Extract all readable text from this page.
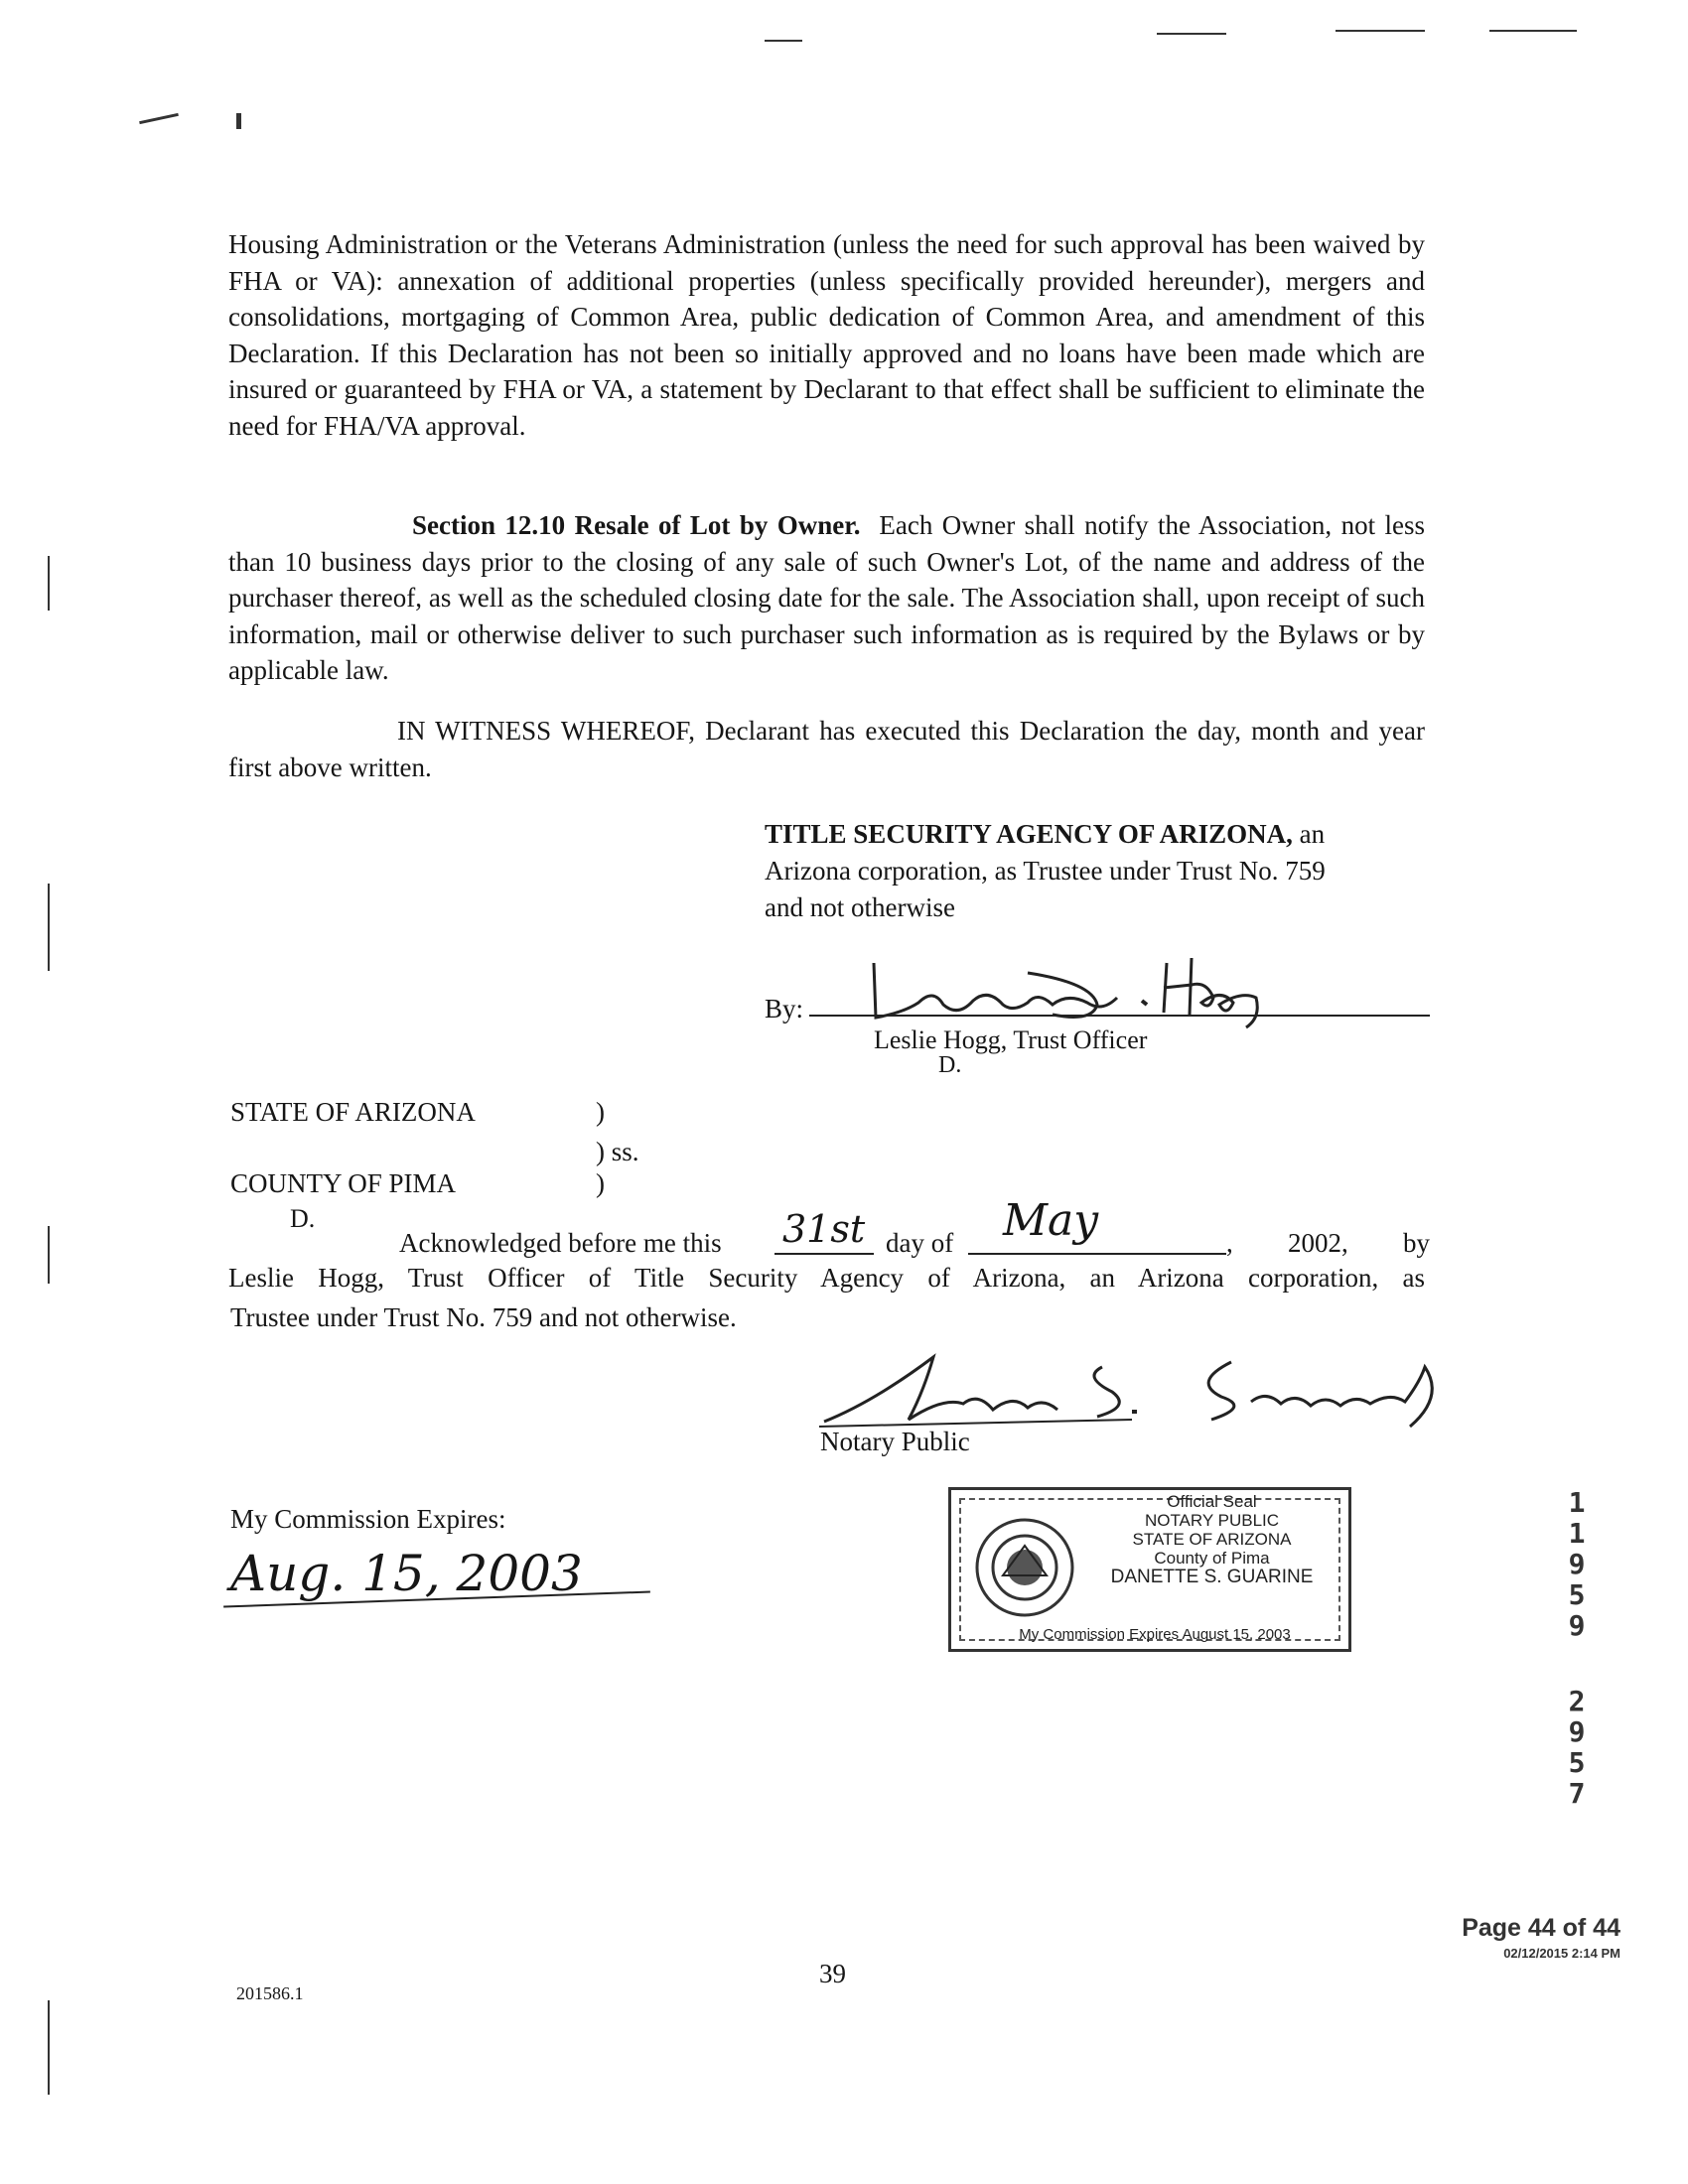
Housing Administration or the Veterans Administration (unless the need for such approval has been waived by FHA or VA): annexation of additional properties (unless specifically provided hereunder), mergers and consolidations, mortgaging of Common Area, public dedication of Common Area, and amendment of this Declaration. If this Declaration has not been so initially approved and no loans have been made which are insured or guaranteed by FHA or VA, a statement by Declarant to that effect shall be sufficient to eliminate the need for FHA/VA approval.
Section 12.10 Resale of Lot by Owner. Each Owner shall notify the Association, not less than 10 business days prior to the closing of any sale of such Owner's Lot, of the name and address of the purchaser thereof, as well as the scheduled closing date for the sale. The Association shall, upon receipt of such information, mail or otherwise deliver to such purchaser such information as is required by the Bylaws or by applicable law.
IN WITNESS WHEREOF, Declarant has executed this Declaration the day, month and year first above written.
TITLE SECURITY AGENCY OF ARIZONA, an
Arizona corporation, as Trustee under Trust No. 759
and not otherwise
By:
Leslie Hogg, Trust Officer
D.
STATE OF ARIZONA	)
) ss.
COUNTY OF PIMA	)
Acknowledged before me this 31st day of May	, 2002, by
D.
Leslie Hogg, Trust Officer of Title Security Agency of Arizona, an Arizona corporation, as
Trustee under Trust No. 759 and not otherwise.
Notary Public
My Commission Expires:
Aug. 15, 2003
Official Seal
NOTARY PUBLIC
STATE OF ARIZONA
County of Pima
DANETTE S. GUARINE
My Commission Expires August 15, 2003
1
1
9
5
9
2
9
5
7
Page 44 of 44
02/12/2015 2:14 PM
201586.1
39
